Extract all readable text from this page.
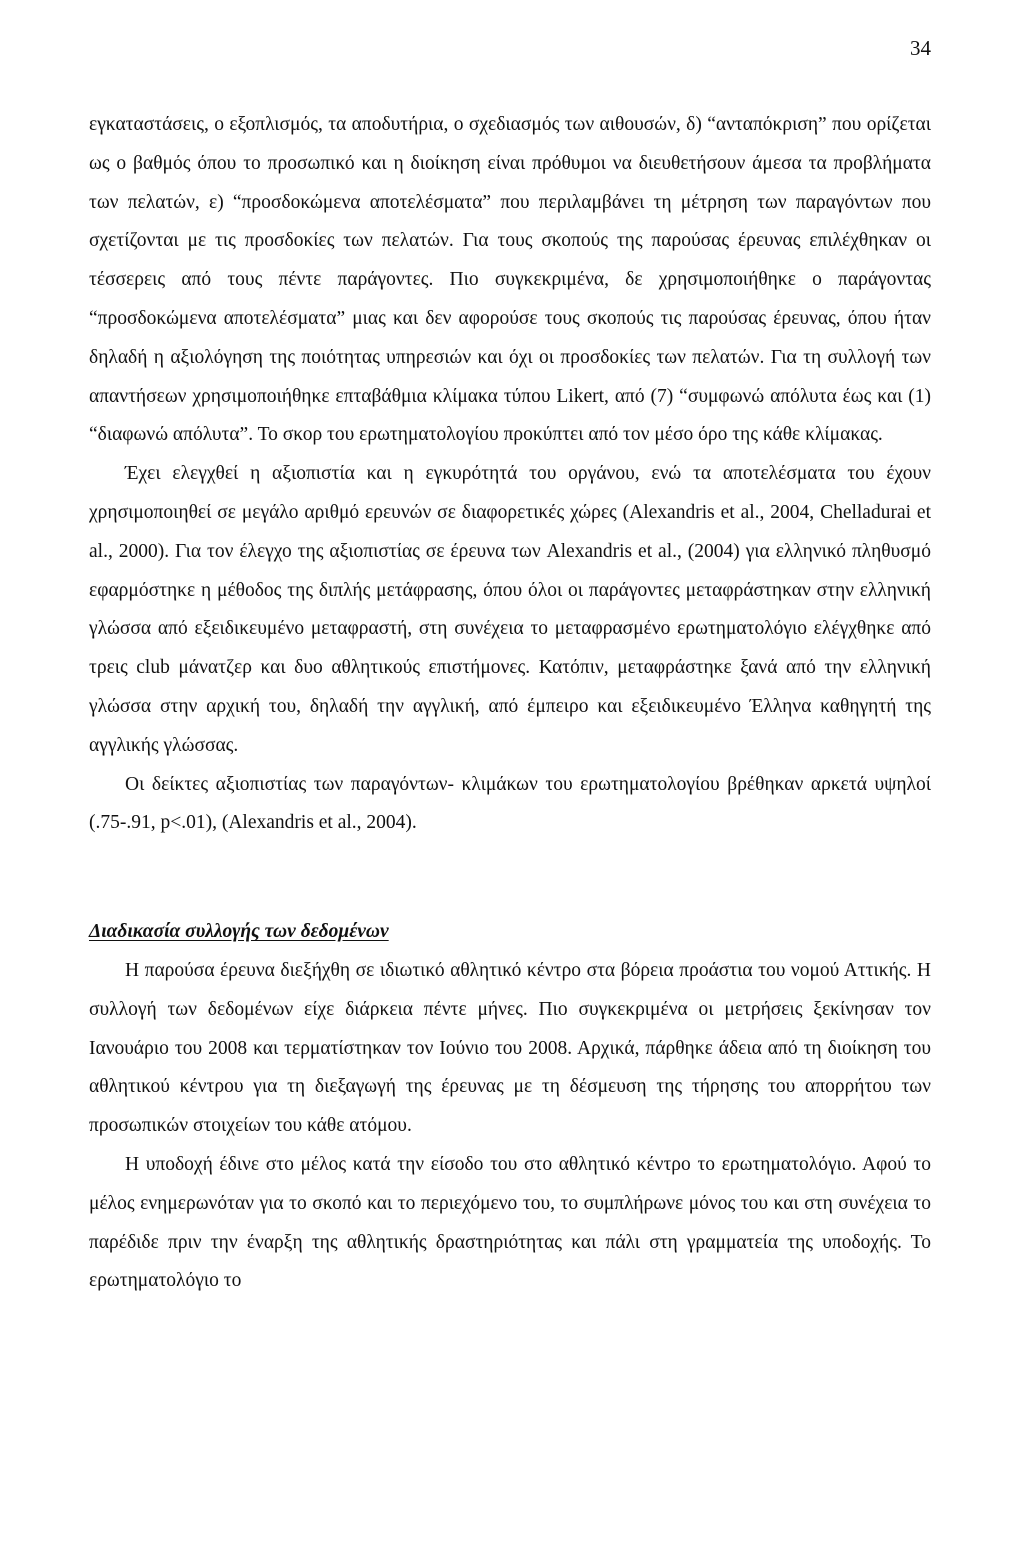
34

εγκαταστάσεις, ο εξοπλισμός, τα αποδυτήρια, ο σχεδιασμός των αιθουσών, δ) “ανταπόκριση” που ορίζεται ως ο βαθμός όπου το προσωπικό και η διοίκηση είναι πρόθυμοι να διευθετήσουν άμεσα τα προβλήματα των πελατών, ε) “προσδοκώμενα αποτελέσματα” που περιλαμβάνει τη μέτρηση των παραγόντων που σχετίζονται με τις προσδοκίες των πελατών. Για τους σκοπούς της παρούσας έρευνας επιλέχθηκαν οι τέσσερεις από τους πέντε παράγοντες. Πιο συγκεκριμένα, δε χρησιμοποιήθηκε ο παράγοντας “προσδοκώμενα αποτελέσματα” μιας και δεν αφορούσε τους σκοπούς τις παρούσας έρευνας, όπου ήταν δηλαδή η αξιολόγηση της ποιότητας υπηρεσιών και όχι οι προσδοκίες των πελατών. Για τη συλλογή των απαντήσεων χρησιμοποιήθηκε επταβάθμια κλίμακα τύπου Likert, από (7) “συμφωνώ απόλυτα έως και (1) “διαφωνώ απόλυτα”. Το σκορ του ερωτηματολογίου προκύπτει από τον μέσο όρο της κάθε κλίμακας.

Έχει ελεγχθεί η αξιοπιστία και η εγκυρότητά του οργάνου, ενώ τα αποτελέσματα του έχουν χρησιμοποιηθεί σε μεγάλο αριθμό ερευνών σε διαφορετικές χώρες (Alexandris et al., 2004, Chelladurai et al., 2000). Για τον έλεγχο της αξιοπιστίας σε έρευνα των Alexandris et al., (2004) για ελληνικό πληθυσμό εφαρμόστηκε η μέθοδος της διπλής μετάφρασης, όπου όλοι οι παράγοντες μεταφράστηκαν στην ελληνική γλώσσα από εξειδικευμένο μεταφραστή, στη συνέχεια το μεταφρασμένο ερωτηματολόγιο ελέγχθηκε από τρεις club μάνατζερ και δυο αθλητικούς επιστήμονες. Κατόπιν, μεταφράστηκε ξανά από την ελληνική γλώσσα στην αρχική του, δηλαδή την αγγλική, από έμπειρο και εξειδικευμένο Έλληνα καθηγητή της αγγλικής γλώσσας.

Οι δείκτες αξιοπιστίας των παραγόντων- κλιμάκων του ερωτηματολογίου βρέθηκαν αρκετά υψηλοί (.75-.91, p<.01), (Alexandris et al., 2004).

Διαδικασία συλλογής των δεδομένων

Η παρούσα έρευνα διεξήχθη σε ιδιωτικό αθλητικό κέντρο στα βόρεια προάστια του νομού Αττικής. Η συλλογή των δεδομένων είχε διάρκεια πέντε μήνες. Πιο συγκεκριμένα οι μετρήσεις ξεκίνησαν τον Ιανουάριο του 2008 και τερματίστηκαν τον Ιούνιο του 2008. Αρχικά, πάρθηκε άδεια από τη διοίκηση του αθλητικού κέντρου για τη διεξαγωγή της έρευνας με τη δέσμευση της τήρησης του απορρήτου των προσωπικών στοιχείων του κάθε ατόμου.

Η υποδοχή έδινε στο μέλος κατά την είσοδο του στο αθλητικό κέντρο το ερωτηματολόγιο. Αφού το μέλος ενημερωνόταν για το σκοπό και το περιεχόμενο του, το συμπλήρωνε μόνος του και στη συνέχεια το παρέδιδε πριν την έναρξη της αθλητικής δραστηριότητας και πάλι στη γραμματεία της υποδοχής. Το ερωτηματολόγιο το
